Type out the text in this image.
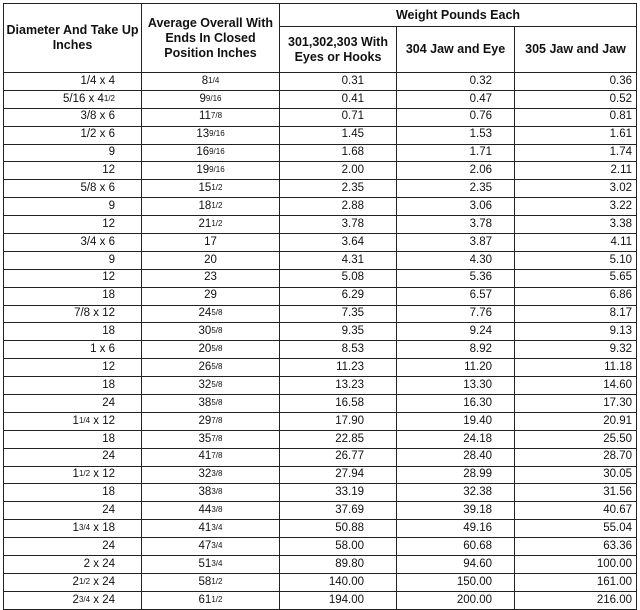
Diameter And Take Up Inches	Average Overall With Ends In Closed Position Inches	Weight Pounds Each		
		301,302,303 With Eyes or Hooks	304 Jaw and Eye	305 Jaw and Jaw
1/4 x 4	$8^{1/4}$	0.31	0.32	0.36
5/16 x $4^{1/2}$	$9^{9/16}$	0.41	0.47	0.52
3/8 x 6	$11^{7/8}$	0.71	0.76	0.81
1/2 x 6	$13^{9/16}$	1.45	1.53	1.61
9	$16^{9/16}$	1.68	1.71	1.74
12	$19^{9/16}$	2.00	2.06	2.11
5/8 x 6	$15^{1/2}$	2.35	2.35	3.02
9	$18^{1/2}$	2.88	3.06	3.22
12	$21^{1/2}$	3.78	3.78	3.38
3/4 x 6	17	3.64	3.87	4.11
9	20	4.31	4.30	5.10
12	23	5.08	5.36	5.65
18	29	6.29	6.57	6.86
7/8 x 12	$24^{5/8}$	7.35	7.76	8.17
18	$30^{5/8}$	9.35	9.24	9.13
1 x 6	$20^{5/8}$	8.53	8.92	9.32
12	$26^{5/8}$	11.23	11.20	11.18
18	$32^{5/8}$	13.23	13.30	14.60
24	$38^{5/8}$	16.58	16.30	17.30
$1^{1/4}$ x 12	$29^{7/8}$	17.90	19.40	20.91
18	$35^{7/8}$	22.85	24.18	25.50
24	$41^{7/8}$	26.77	28.40	28.70
$1^{1/2}$ x 12	$32^{3/8}$	27.94	28.99	30.05
18	$38^{3/8}$	33.19	32.38	31.56
24	$44^{3/8}$	37.69	39.18	40.67
$1^{3/4}$ x 18	$41^{3/4}$	50.88	49.16	55.04
24	$47^{3/4}$	58.00	60.68	63.36
2 x 24	$51^{3/4}$	89.80	94.60	100.00
$2^{1/2}$ x 24	$58^{1/2}$	140.00	150.00	161.00
$2^{3/4}$ x 24	$61^{1/2}$	194.00	200.00	216.00
